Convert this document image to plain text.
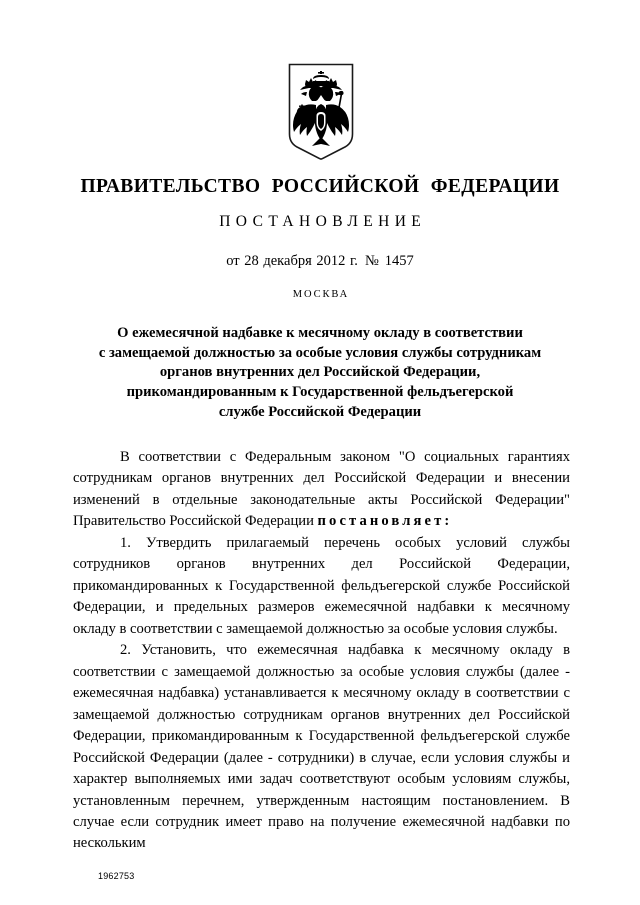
ПРАВИТЕЛЬСТВО РОССИЙСКОЙ ФЕДЕРАЦИИ
ПОСТАНОВЛЕНИЕ
от 28 декабря 2012 г. № 1457
МОСКВА
О ежемесячной надбавке к месячному окладу в соответствии
с замещаемой должностью за особые условия службы сотрудникам
органов внутренних дел Российской Федерации,
прикомандированным к Государственной фельдъегерской
службе Российской Федерации

В соответствии с Федеральным законом "О социальных гарантиях сотрудникам органов внутренних дел Российской Федерации и внесении изменений в отдельные законодательные акты Российской Федерации" Правительство Российской Федерации постановляет:

1. Утвердить прилагаемый перечень особых условий службы сотрудников органов внутренних дел Российской Федерации, прикомандированных к Государственной фельдъегерской службе Российской Федерации, и предельных размеров ежемесячной надбавки к месячному окладу в соответствии с замещаемой должностью за особые условия службы.

2. Установить, что ежемесячная надбавка к месячному окладу в соответствии с замещаемой должностью за особые условия службы (далее - ежемесячная надбавка) устанавливается к месячному окладу в соответствии с замещаемой должностью сотрудникам органов внутренних дел Российской Федерации, прикомандированным к Государственной фельдъегерской службе Российской Федерации (далее - сотрудники) в случае, если условия службы и характер выполняемых ими задач соответствуют особым условиям службы, установленным перечнем, утвержденным настоящим постановлением. В случае если сотрудник имеет право на получение ежемесячной надбавки по нескольким

1962753
